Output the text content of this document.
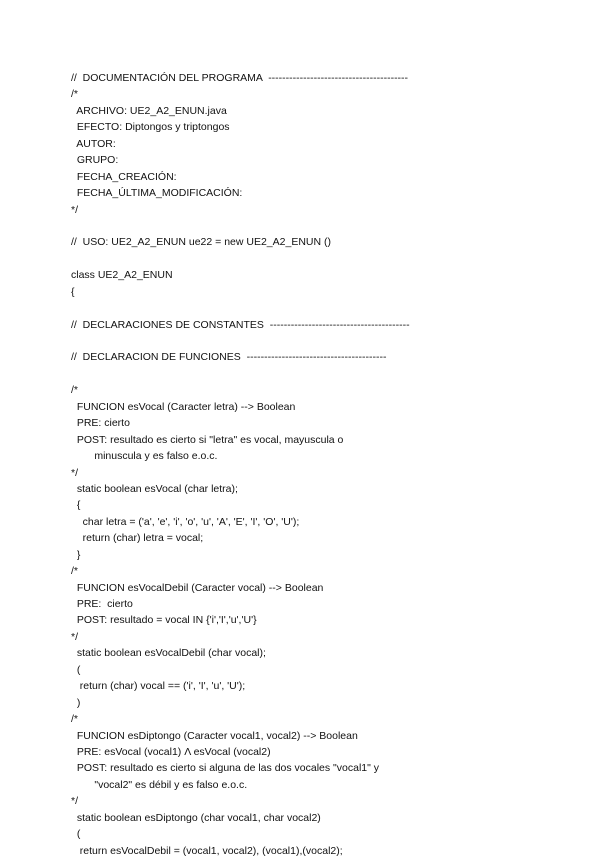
//  DOCUMENTACIÓN DEL PROGRAMA  ----------------------------------------
/*
ARCHIVO: UE2_A2_ENUN.java
EFECTO: Diptongos y triptongos
AUTOR:
GRUPO:
FECHA_CREACIÓN:
FECHA_ÚLTIMA_MODIFICACIÓN:
*/
//  USO: UE2_A2_ENUN ue22 = new UE2_A2_ENUN ()
class UE2_A2_ENUN
{
//  DECLARACIONES DE CONSTANTES  ----------------------------------------
//  DECLARACION DE FUNCIONES  ----------------------------------------
/*
FUNCION esVocal (Caracter letra) --> Boolean
PRE: cierto
POST: resultado es cierto si "letra" es vocal, mayuscula o
minuscula y es falso e.o.c.
*/
static boolean esVocal (char letra);
{
char letra = ('a', 'e', 'i', 'o', 'u', 'A', 'E', 'I', 'O', 'U');
return (char) letra = vocal;
}
/*
FUNCION esVocalDebil (Caracter vocal) --> Boolean
PRE:  cierto
POST: resultado = vocal IN {'i','I','u','U'}
*/
static boolean esVocalDebil (char vocal);
(
return (char) vocal == ('i', 'I', 'u', 'U');
)
/*
FUNCION esDiptongo (Caracter vocal1, vocal2) --> Boolean
PRE: esVocal (vocal1) Λ esVocal (vocal2)
POST: resultado es cierto si alguna de las dos vocales "vocal1" y
"vocal2" es débil y es falso e.o.c.
*/
static boolean esDiptongo (char vocal1, char vocal2)
(
return esVocalDebil = (vocal1, vocal2), (vocal1),(vocal2);
